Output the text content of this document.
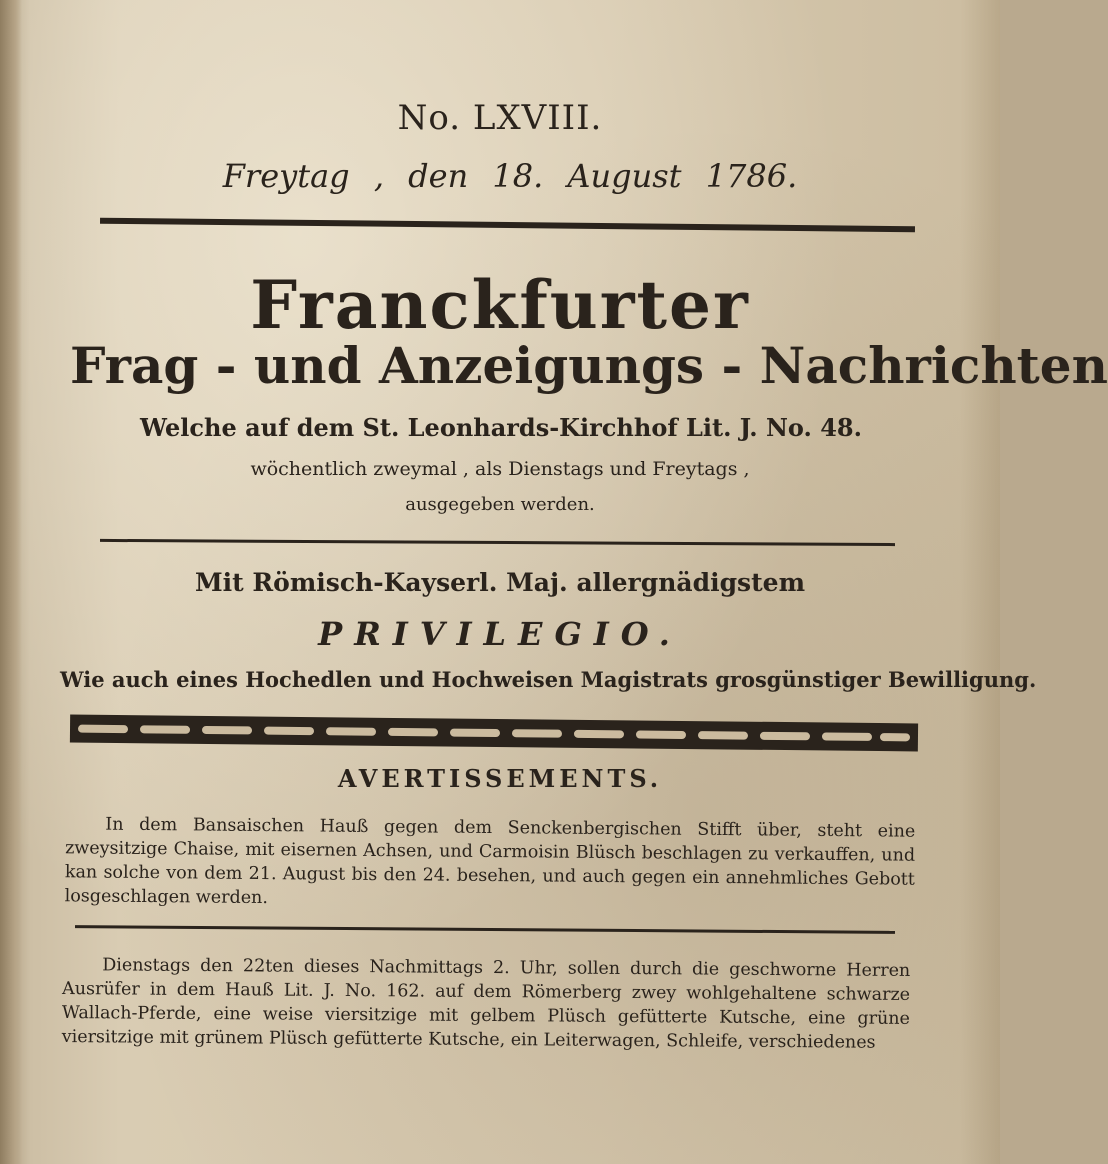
No. LXVIII.
Freytag , den 18. August 1786.
Franckfurter
Frag - und Anzeigungs - Nachrichten
Welche auf dem St. Leonhards-Kirchhof Lit. J. No. 48.
wöchentlich zweymal , als Dienstags und Freytags ,
ausgegeben werden.
Mit Römisch-Kayserl. Maj. allergnädigstem
PRIVILEGIO.
Wie auch eines Hochedlen und Hochweisen Magistrats grosgünstiger Bewilligung.
AVERTISSEMENTS.
In dem Bansaischen Hauß gegen dem Senckenbergischen Stifft über, steht eine zweysitzige Chaise, mit eisernen Achsen, und Carmoisin Blüsch beschlagen zu verkauffen, und kan solche von dem 21. August bis den 24. besehen, und auch gegen ein annehmliches Gebott losgeschlagen werden.
Dienstags den 22ten dieses Nachmittags 2. Uhr, sollen durch die geschworne Herren Ausrüfer in dem Hauß Lit. J. No. 162. auf dem Römerberg zwey wohlgehaltene schwarze Wallach-Pferde, eine weise viersitzige mit gelbem Plüsch gefütterte Kutsche, eine grüne viersitzige mit grünem Plüsch gefütterte Kutsche, ein Leiterwagen, Schleife, verschiedenes
